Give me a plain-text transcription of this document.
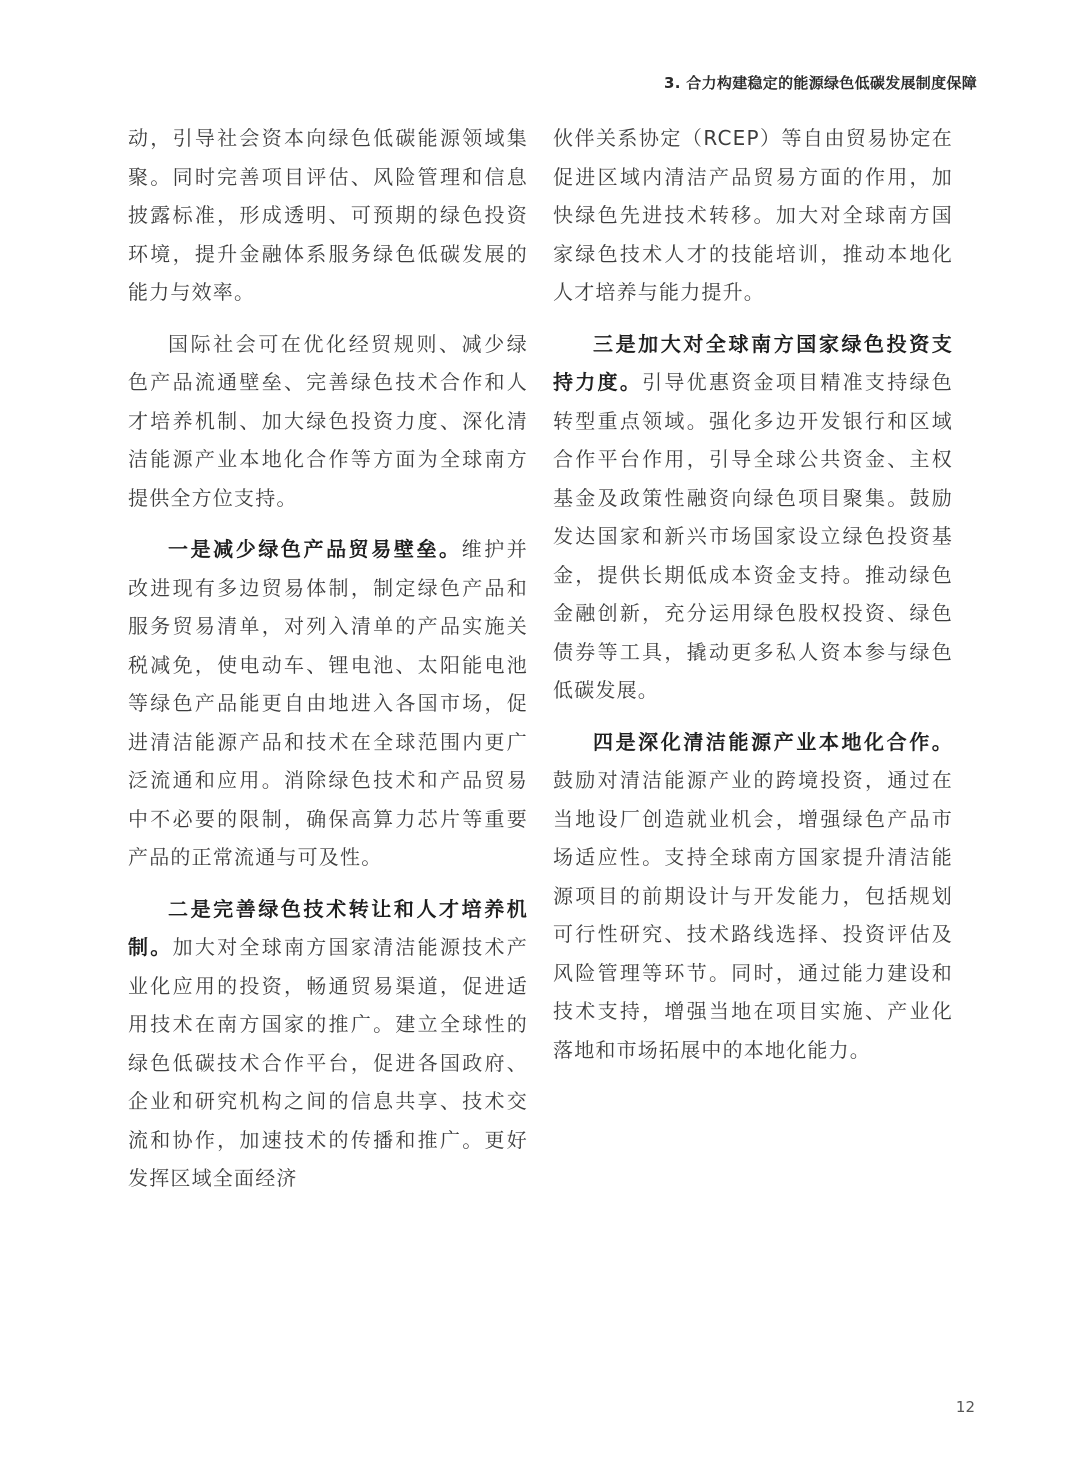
3. 合力构建稳定的能源绿色低碳发展制度保障

动，引导社会资本向绿色低碳能源领域集聚。同时完善项目评估、风险管理和信息披露标准，形成透明、可预期的绿色投资环境，提升金融体系服务绿色低碳发展的能力与效率。

国际社会可在优化经贸规则、减少绿色产品流通壁垒、完善绿色技术合作和人才培养机制、加大绿色投资力度、深化清洁能源产业本地化合作等方面为全球南方提供全方位支持。

一是减少绿色产品贸易壁垒。维护并改进现有多边贸易体制，制定绿色产品和服务贸易清单，对列入清单的产品实施关税减免，使电动车、锂电池、太阳能电池等绿色产品能更自由地进入各国市场，促进清洁能源产品和技术在全球范围内更广泛流通和应用。消除绿色技术和产品贸易中不必要的限制，确保高算力芯片等重要产品的正常流通与可及性。

二是完善绿色技术转让和人才培养机制。加大对全球南方国家清洁能源技术产业化应用的投资，畅通贸易渠道，促进适用技术在南方国家的推广。建立全球性的绿色低碳技术合作平台，促进各国政府、企业和研究机构之间的信息共享、技术交流和协作，加速技术的传播和推广。更好发挥区域全面经济

伙伴关系协定（RCEP）等自由贸易协定在促进区域内清洁产品贸易方面的作用，加快绿色先进技术转移。加大对全球南方国家绿色技术人才的技能培训，推动本地化人才培养与能力提升。

三是加大对全球南方国家绿色投资支持力度。引导优惠资金项目精准支持绿色转型重点领域。强化多边开发银行和区域合作平台作用，引导全球公共资金、主权基金及政策性融资向绿色项目聚集。鼓励发达国家和新兴市场国家设立绿色投资基金，提供长期低成本资金支持。推动绿色金融创新，充分运用绿色股权投资、绿色债券等工具，撬动更多私人资本参与绿色低碳发展。

四是深化清洁能源产业本地化合作。鼓励对清洁能源产业的跨境投资，通过在当地设厂创造就业机会，增强绿色产品市场适应性。支持全球南方国家提升清洁能源项目的前期设计与开发能力，包括规划可行性研究、技术路线选择、投资评估及风险管理等环节。同时，通过能力建设和技术支持，增强当地在项目实施、产业化落地和市场拓展中的本地化能力。

12
